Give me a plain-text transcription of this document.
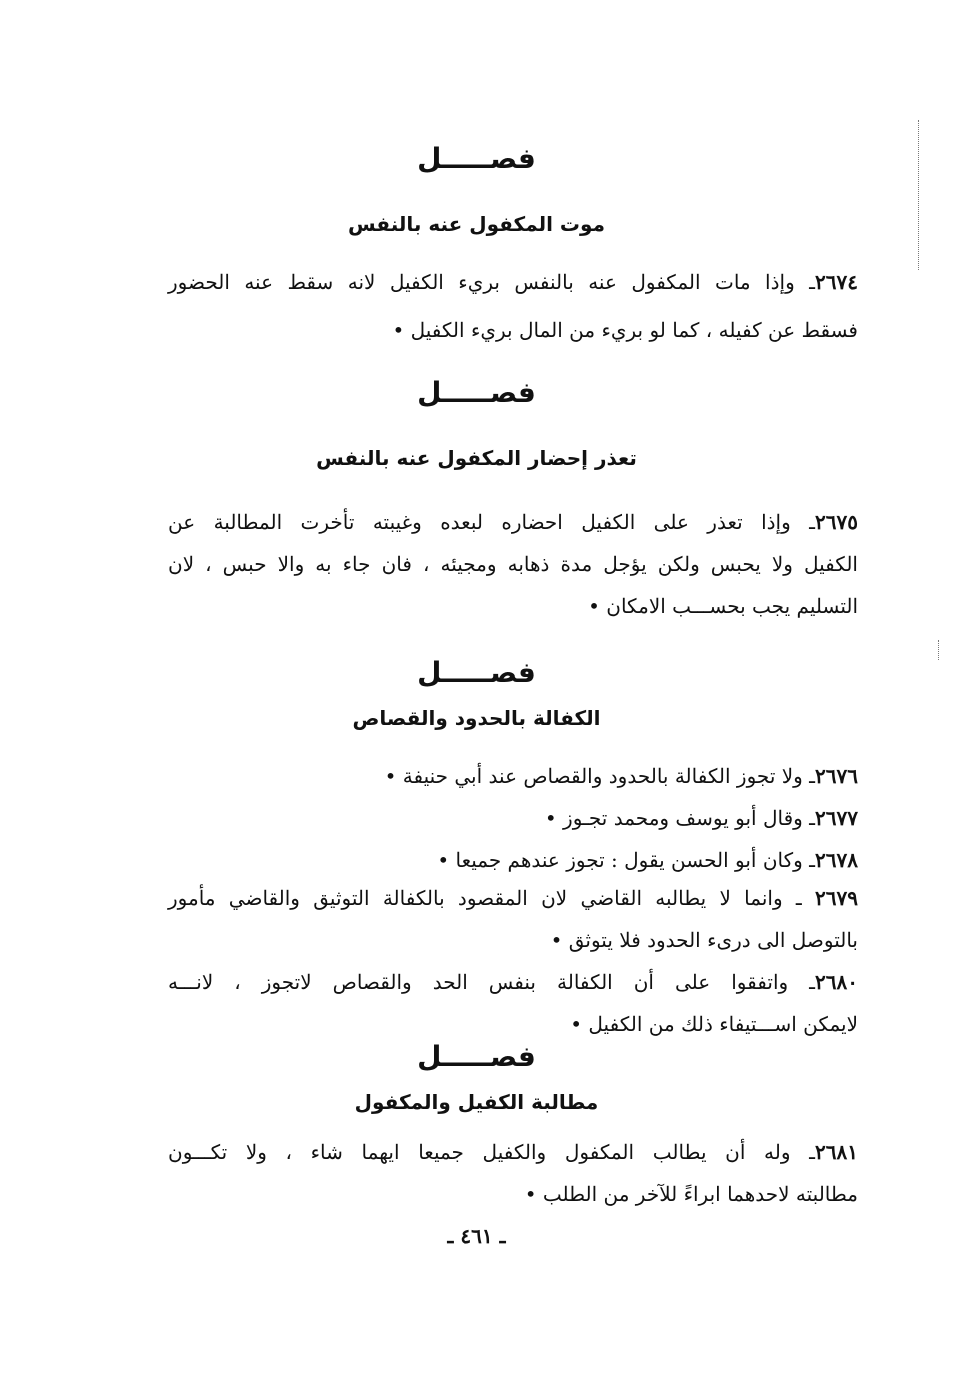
فصـــــل
موت المكفول عنه بالنفس
٢٦٧٤ـ وإذا مات المكفول عنه بالنفس بريء الكفيل لانه سقط عنه الحضور
فسقط عن كفيله ، كما لو بريء من المال بريء الكفيل •
فصـــــل
تعذر إحضار المكفول عنه بالنفس
٢٦٧٥ـ وإذا تعذر على الكفيل احضاره لبعده وغيبته تأخرت المطالبة عن
الكفيل ولا يحبس ولكن يؤجل مدة ذهابه ومجيئه ، فان جاء به والا حبس ، لان
التسليم يجب بحســـب الامكان •
فصـــــل
الكفالة بالحدود والقصاص
٢٦٧٦ـ ولا تجوز الكفالة بالحدود والقصاص عند أبي حنيفة •
٢٦٧٧ـ وقال أبو يوسف ومحمد تجـوز •
٢٦٧٨ـ وكان أبو الحسن يقول : تجوز عندهم جميعا •
٢٦٧٩ ـ وانما لا يطالبه القاضي لان المقصود بالكفالة التوثيق والقاضي مأمور
بالتوصل الى درىء الحدود فلا يتوثق •
٢٦٨٠ـ واتفقوا على أن الكفالة بنفس الحد والقصاص لاتجوز ، لانـــه
لايمكن اســـتيفاء ذلك من الكفيل •
فصـــــل
مطالبة الكفيل والمكفول
٢٦٨١ـ وله أن يطالب المكفول والكفيل جميعا ايهما شاء ، ولا تكـــون
مطالبته لاحدهما ابراءً للآخر من الطلب •
ـ ٤٦١ ـ
